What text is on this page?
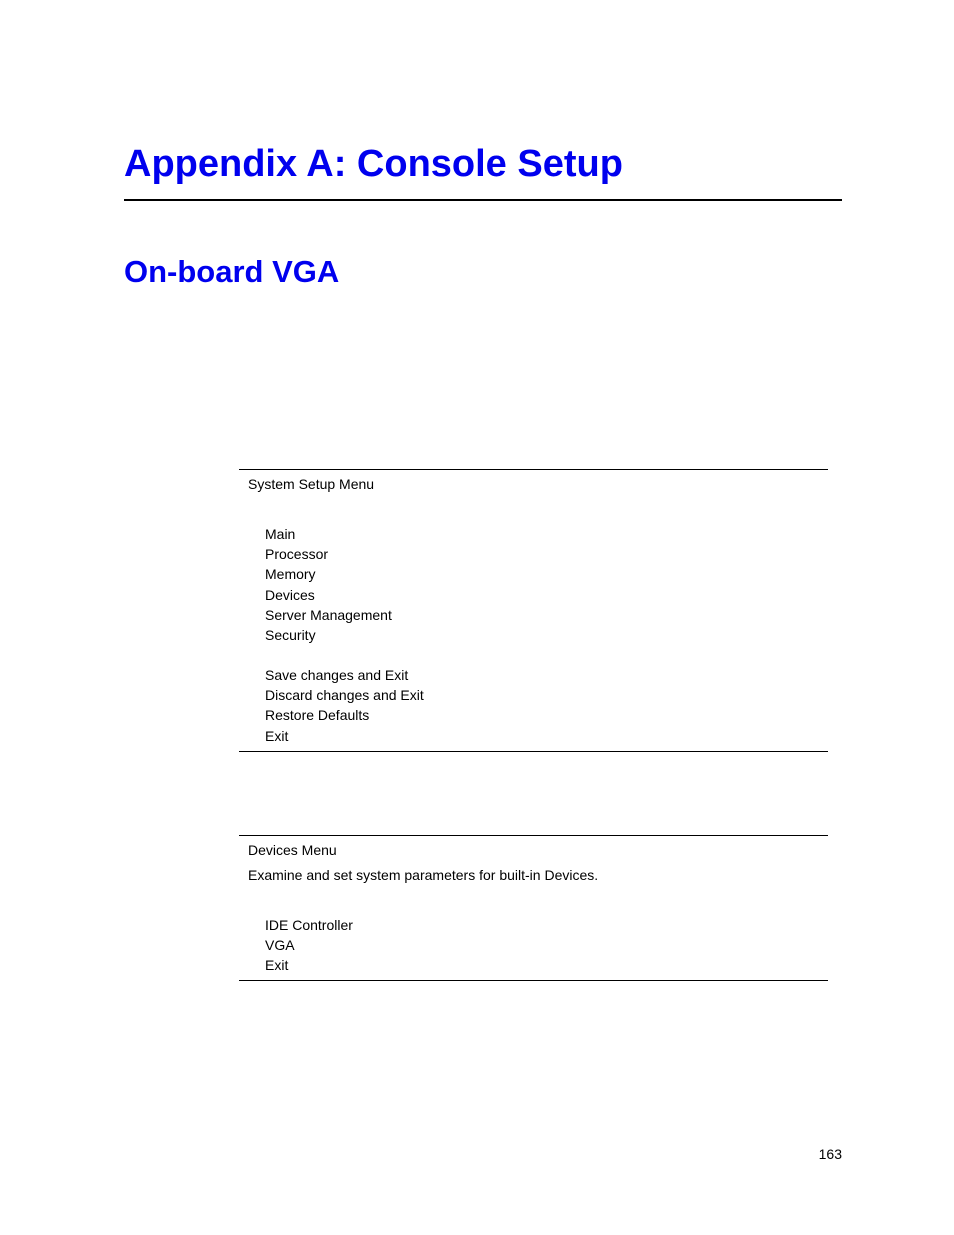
Appendix A: Console Setup
On-board VGA
System Setup Menu
Main
Processor
Memory
Devices
Server Management
Security
Save changes and Exit
Discard changes and Exit
Restore Defaults
Exit
Devices Menu
Examine and set system parameters for built-in Devices.
IDE Controller
VGA
Exit
163
